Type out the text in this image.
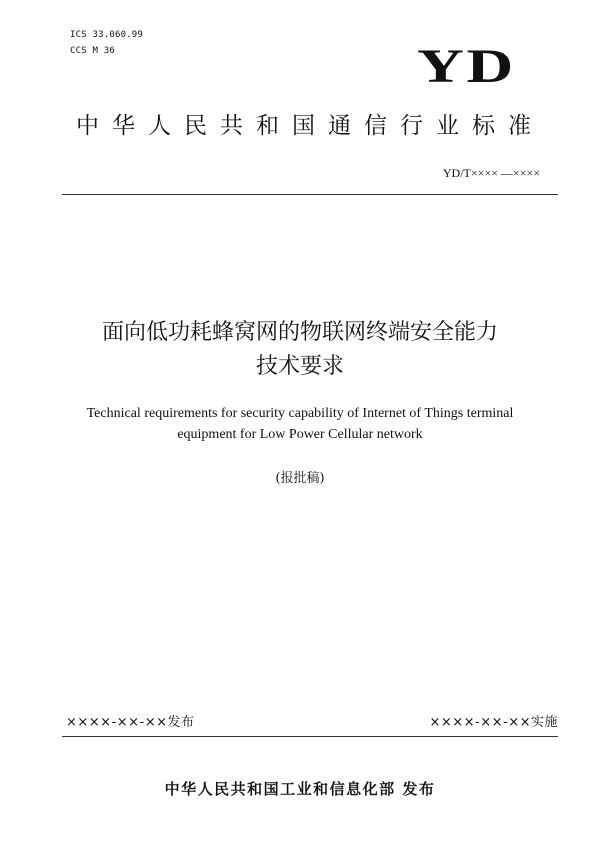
ICS 33.060.99
CCS M 36	YD
中华人民共和国通信行业标准
YD/T×××× —××××
面向低功耗蜂窝网的物联网终端安全能力
技术要求
Technical requirements for security capability of Internet of Things terminal
equipment for Low Power Cellular network
(报批稿)
××××-××-××发布	××××-××-××实施
中华人民共和国工业和信息化部 发布
